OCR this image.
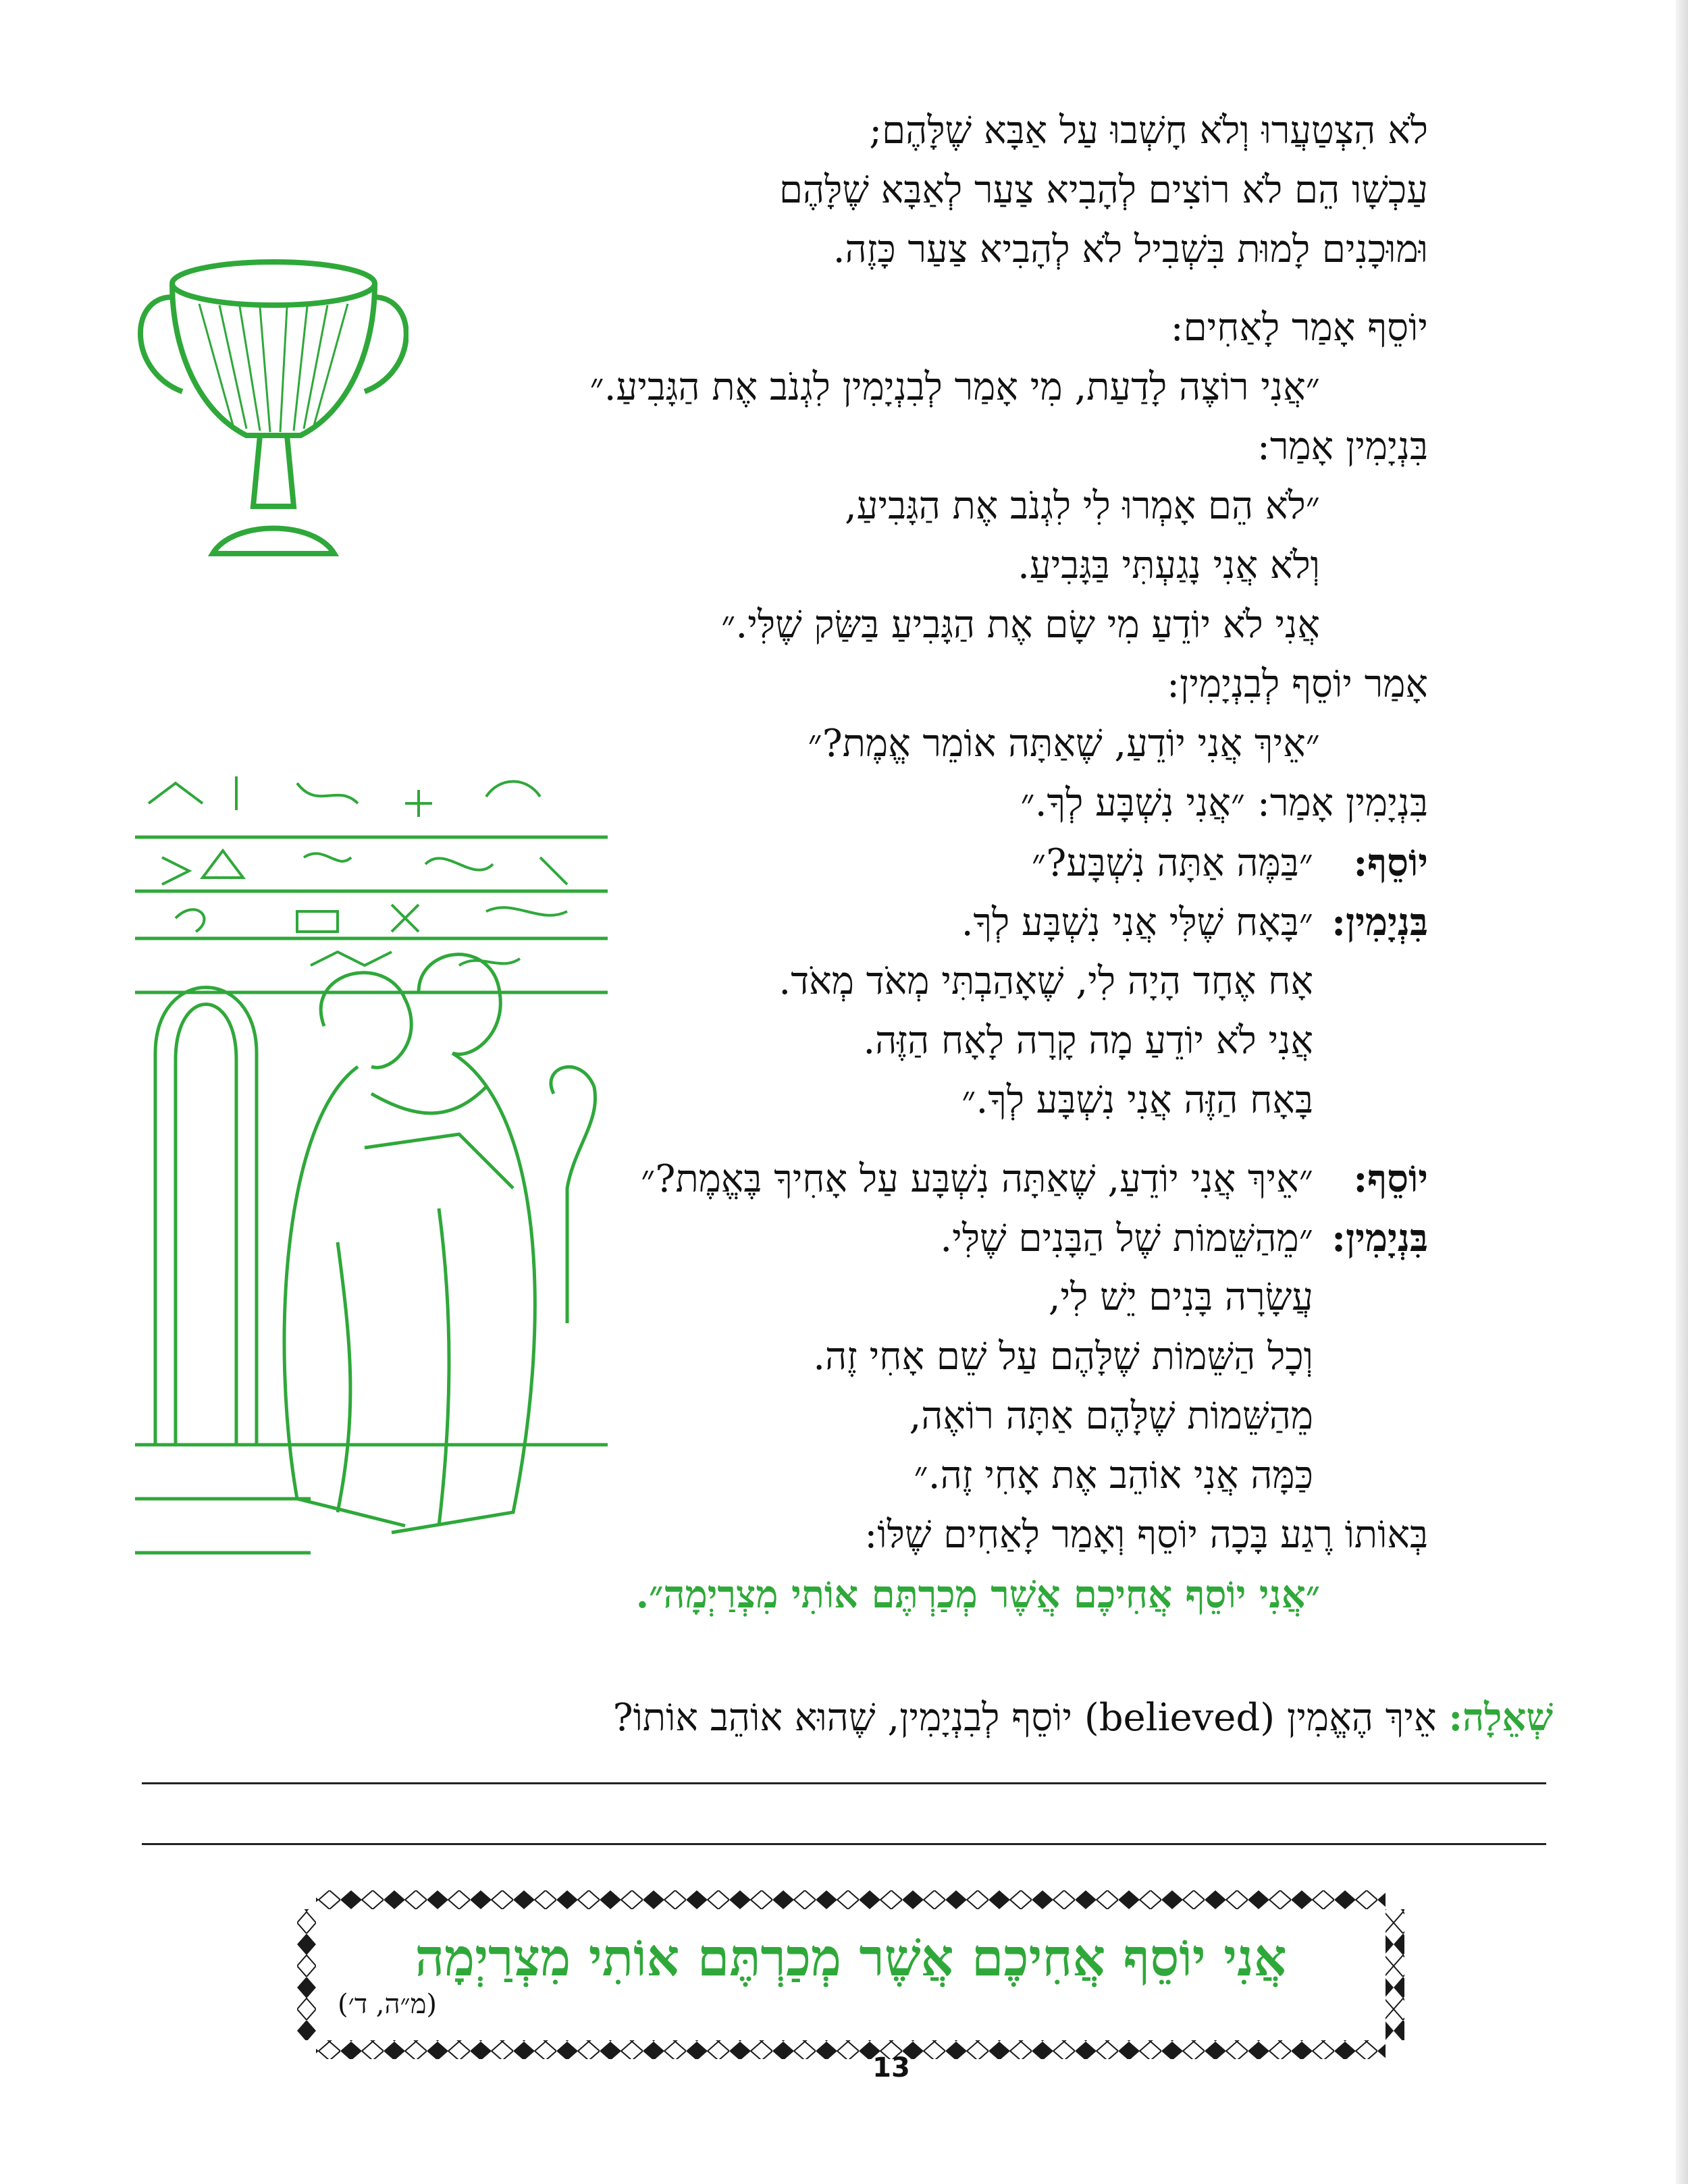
לֹא הִצְטַעֲרוּ וְלֹא חָשְׁבוּ עַל אַבָּא שֶׁלָּהֶם;
עַכְשָׁו הֵם לֹא רוֹצִים לְהָבִיא צַעַר לְאַבָּא שֶׁלָּהֶם
וּמוּכָנִים לָמוּת בִּשְׁבִיל לֹא לְהָבִיא צַעַר כָּזֶה.
יוֹסֵף אָמַר לָאַחִים:
״אֲנִי רוֹצֶה לָדַעַת, מִי אָמַר לְבִנְיָמִין לִגְנֹב אֶת הַגָּבִיעַ.״
בִּנְיָמִין אָמַר:
״לֹא הֵם אָמְרוּ לִי לִגְנֹב אֶת הַגָּבִיעַ,
וְלֹא אֲנִי נָגַעְתִּי בַּגָּבִיעַ.
אֲנִי לֹא יוֹדֵעַ מִי שָׂם אֶת הַגָּבִיעַ בַּשַּׂק שֶׁלִּי.״
אָמַר יוֹסֵף לְבִנְיָמִין:
״אֵיךְ אֲנִי יוֹדֵעַ, שֶׁאַתָּה אוֹמֵר אֱמֶת?״
בִּנְיָמִין אָמַר: ״אֲנִי נִשְׁבָּע לְךָ.״
יוֹסֵף:״בַּמֶּה אַתָּה נִשְׁבָּע?״
בִּנְיָמִין:״בָּאָח שֶׁלִּי אֲנִי נִשְׁבָּע לְךָ.
אָח אֶחָד הָיָה לִי, שֶׁאָהַבְתִּי מְאֹד מְאֹד.
אֲנִי לֹא יוֹדֵעַ מָה קָרָה לָאָח הַזֶּה.
בָּאָח הַזֶּה אֲנִי נִשְׁבָּע לְךָ.״
יוֹסֵף:״אֵיךְ אֲנִי יוֹדֵעַ, שֶׁאַתָּה נִשְׁבָּע עַל אָחִיךָ בֶּאֱמֶת?״
בִּנְיָמִין:״מֵהַשֵּׁמוֹת שֶׁל הַבָּנִים שֶׁלִּי.
עֲשָׂרָה בָּנִים יֵשׁ לִי,
וְכָל הַשֵּׁמוֹת שֶׁלָּהֶם עַל שֵׁם אָחִי זֶה.
מֵהַשֵּׁמוֹת שֶׁלָּהֶם אַתָּה רוֹאֶה,
כַּמָּה אֲנִי אוֹהֵב אֶת אָחִי זֶה.״
בְּאוֹתוֹ רֶגַע בָּכָה יוֹסֵף וְאָמַר לָאַחִים שֶׁלּוֹ:
״אֲנִי יוֹסֵף אֲחִיכֶם אֲשֶׁר מְכַרְתֶּם אוֹתִי מִצְרַיְמָה״.
שְׁאֵלָה: אֵיךְ הֶאֱמִין (believed) יוֹסֵף לְבִנְיָמִין, שֶׁהוּא אוֹהֵב אוֹתוֹ?
אֲנִי יוֹסֵף אֲחִיכֶם אֲשֶׁר מְכַרְתֶּם אוֹתִי מִצְרַיְמָה
(מ״ה, ד׳)
13
